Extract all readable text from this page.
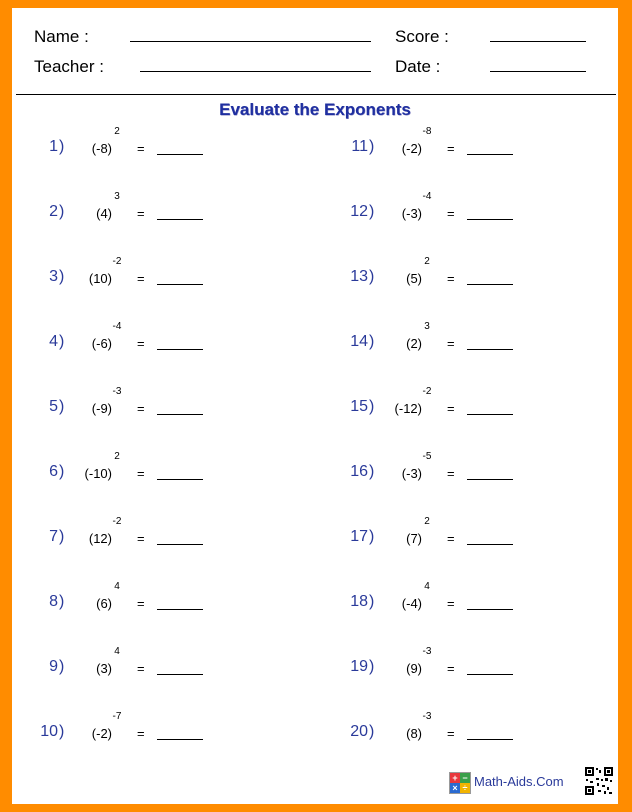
Name :	Score :
Teacher :	Date :
Evaluate the Exponents
1 ) (-8)
2
=
2 ) (4)
3
=
3 ) (10)
-2
=
4 ) (-6)
-4
=
5 ) (-9)
-3
=
6 ) (-10)
2
=
7 ) (12)
-2
=
8 ) (6)
4
=
9 ) (3)
4
=
10 ) (-2)
-7
=
11 ) (-2)
-8
=
12 ) (-3)
-4
=
13 ) (5)
2
=
14 ) (2)
3
=
15 ) (-12)
-2
=
16 ) (-3)
-5
=
17 ) (7)
2
=
18 ) (-4)
4
=
19 ) (9)
-3
=
20 ) (8)
-3
=
+ −
× ÷ Math-Aids.Com
